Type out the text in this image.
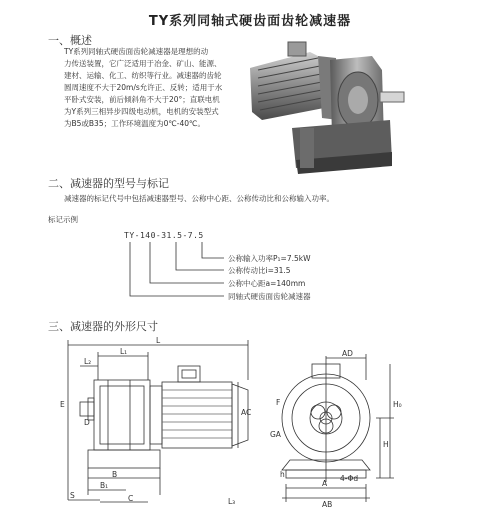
TY系列同轴式硬齿面齿轮减速器
一、概述
TY系列同轴式硬齿面齿轮减速器是理想的动
力传送装置，它广泛适用于冶金、矿山、能源、
建材、运输、化工、纺织等行业。减速器的齿轮
圆周速度不大于20m/s允许正、反转；适用于水
平卧式安装，前后倾斜角不大于20°；直联电机
为Y系列三相异步四级电动机，电机的安装型式
为B5或B35；工作环境温度为0℃-40℃。
二、减速器的型号与标记
减速器的标记代号中包括减速器型号、公称中心距、公称传动比和公称输入功率。
标记示例
TY-140-31.5-7.5
公称输入功率P₁=7.5kW
公称传动比i=31.5
公称中心距a=140mm
同轴式硬齿面齿轮减速器
三、减速器的外形尺寸
L
L₁
L₂
AC
D
B
B₁
C
S
AD
H
H₀
A
AB
4-Φd
F
GA
h
L₃
E
